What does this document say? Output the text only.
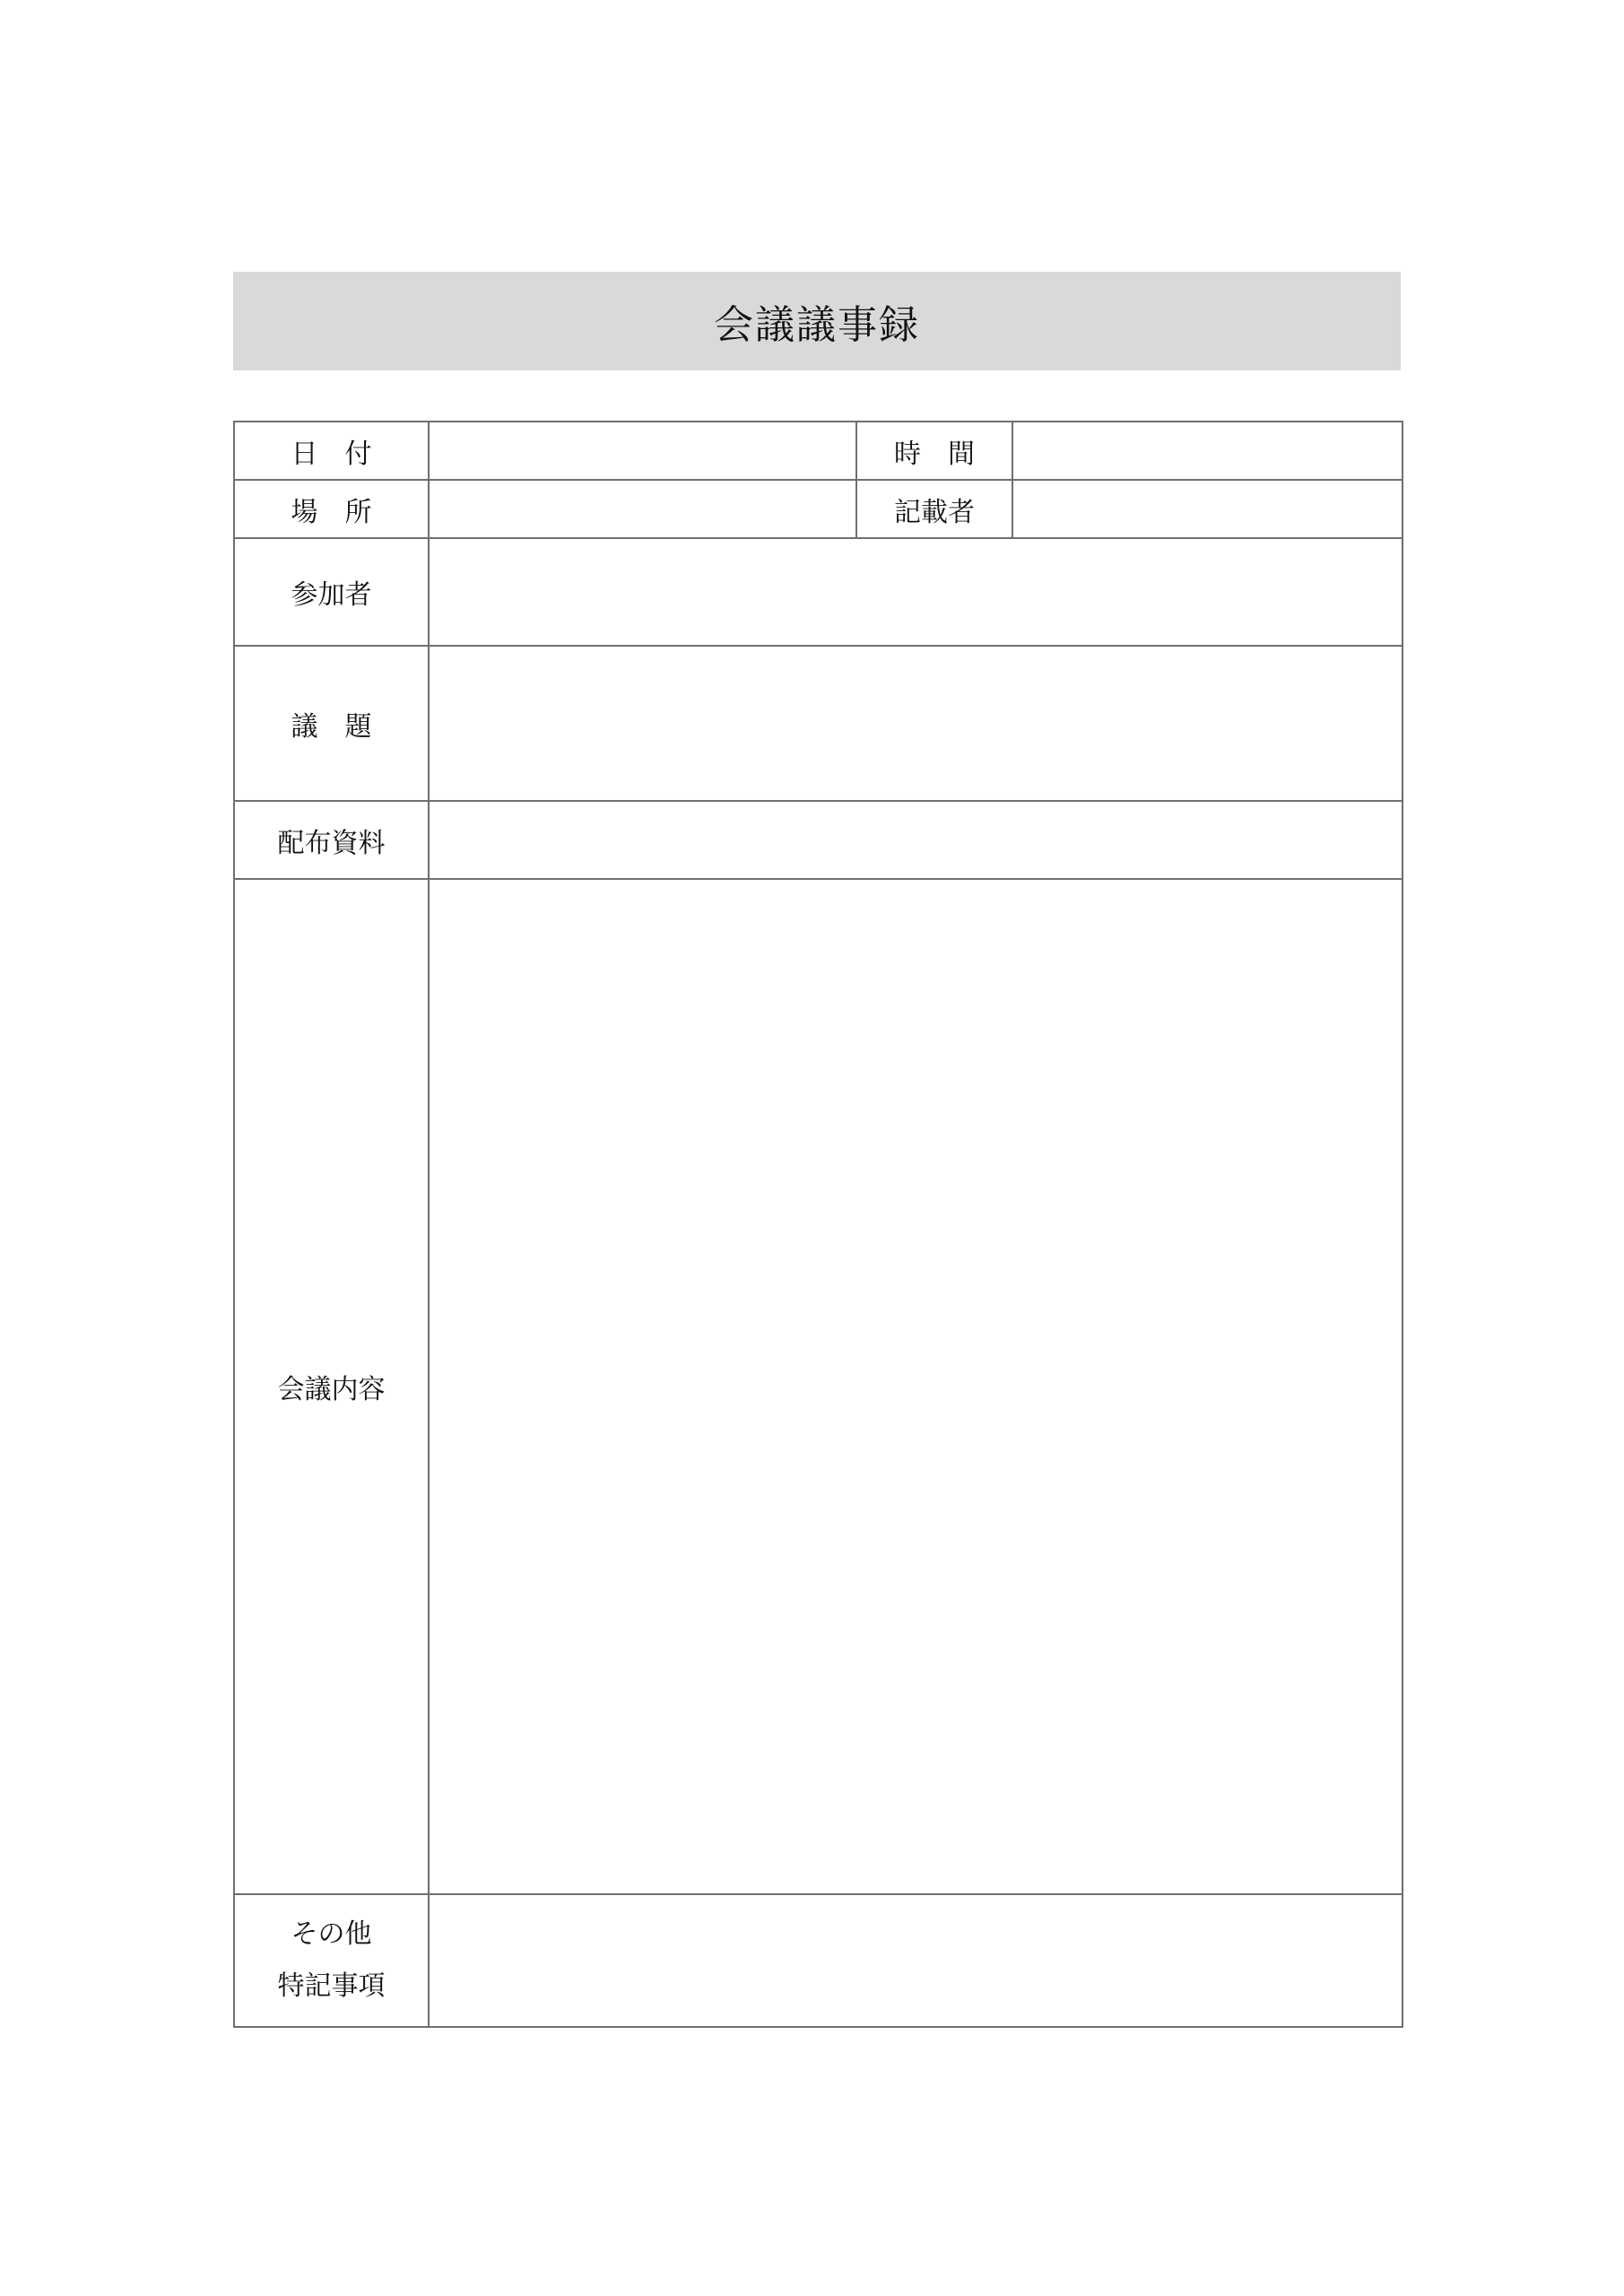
会議議事録
日　付		時　間	
場　所		記載者	
参加者			
議　題			
配布資料			
会議内容			

その他
特記事項			
